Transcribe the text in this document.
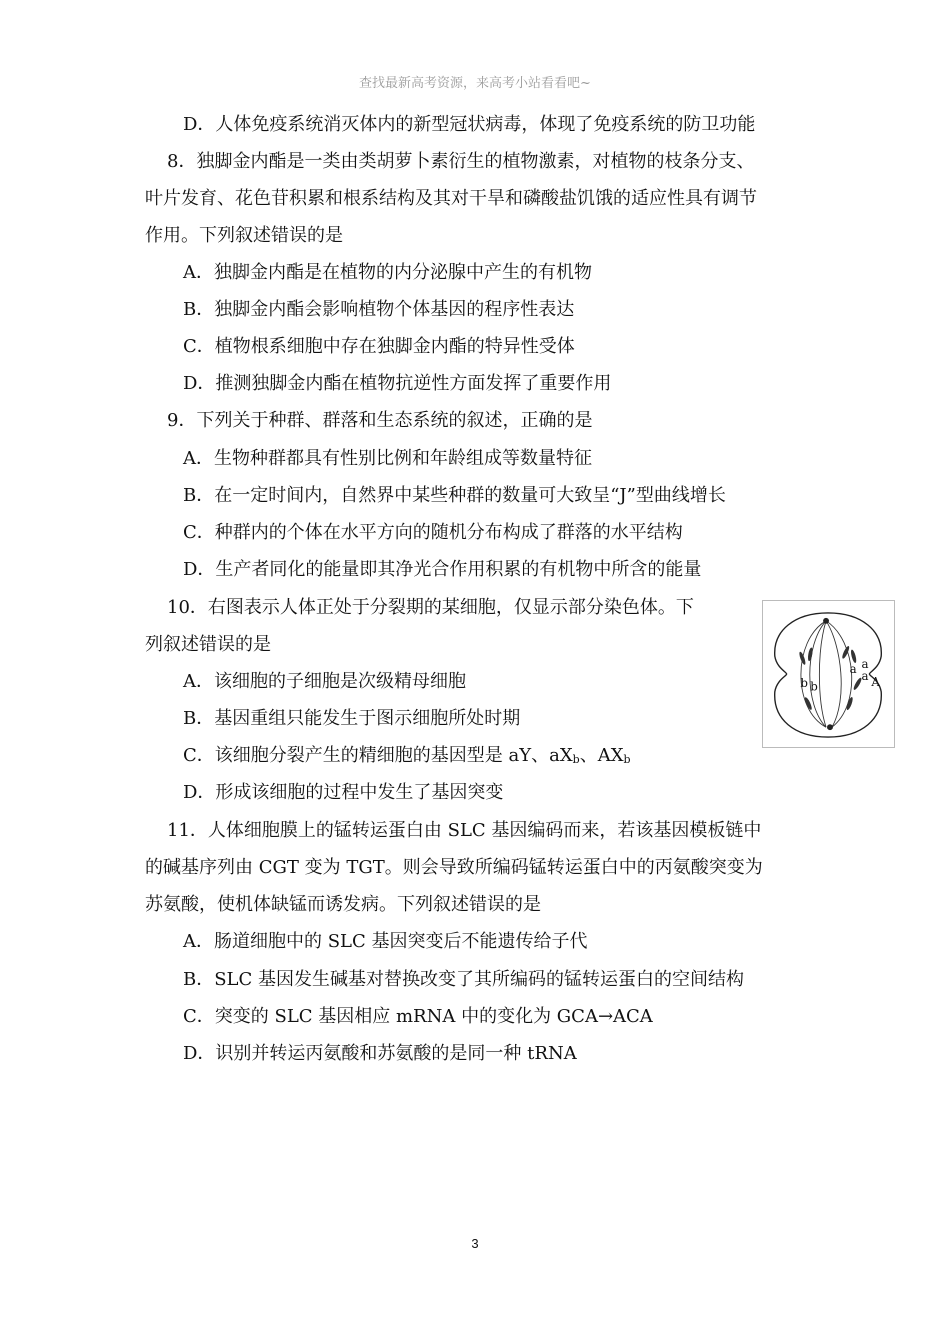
查找最新高考资源，来高考小站看看吧~
D．人体免疫系统消灭体内的新型冠状病毒，体现了免疫系统的防卫功能
8．独脚金内酯是一类由类胡萝卜素衍生的植物激素，对植物的枝条分支、
叶片发育、花色苷积累和根系结构及其对干旱和磷酸盐饥饿的适应性具有调节
作用。下列叙述错误的是
A．独脚金内酯是在植物的内分泌腺中产生的有机物
B．独脚金内酯会影响植物个体基因的程序性表达
C．植物根系细胞中存在独脚金内酯的特异性受体
D．推测独脚金内酯在植物抗逆性方面发挥了重要作用
9．下列关于种群、群落和生态系统的叙述，正确的是
A．生物种群都具有性别比例和年龄组成等数量特征
B．在一定时间内，自然界中某些种群的数量可大致呈“J”型曲线增长
C．种群内的个体在水平方向的随机分布构成了群落的水平结构
D．生产者同化的能量即其净光合作用积累的有机物中所含的能量
10．右图表示人体正处于分裂期的某细胞，仅显示部分染色体。下
列叙述错误的是
A．该细胞的子细胞是次级精母细胞
B．基因重组只能发生于图示细胞所处时期
C．该细胞分裂产生的精细胞的基因型是 aY、$aX_b$、$AX_b$
D．形成该细胞的过程中发生了基因突变
11．人体细胞膜上的锰转运蛋白由 SLC 基因编码而来，若该基因模板链中
的碱基序列由 CGT 变为 TGT。则会导致所编码锰转运蛋白中的丙氨酸突变为
苏氨酸，使机体缺锰而诱发病。下列叙述错误的是
A．肠道细胞中的 SLC 基因突变后不能遗传给子代
B．SLC 基因发生碱基对替换改变了其所编码的锰转运蛋白的空间结构
C．突变的 SLC 基因相应 mRNA 中的变化为 GCA→ACA
D．识别并转运丙氨酸和苏氨酸的是同一种 tRNA
b b
a
a a A
3
